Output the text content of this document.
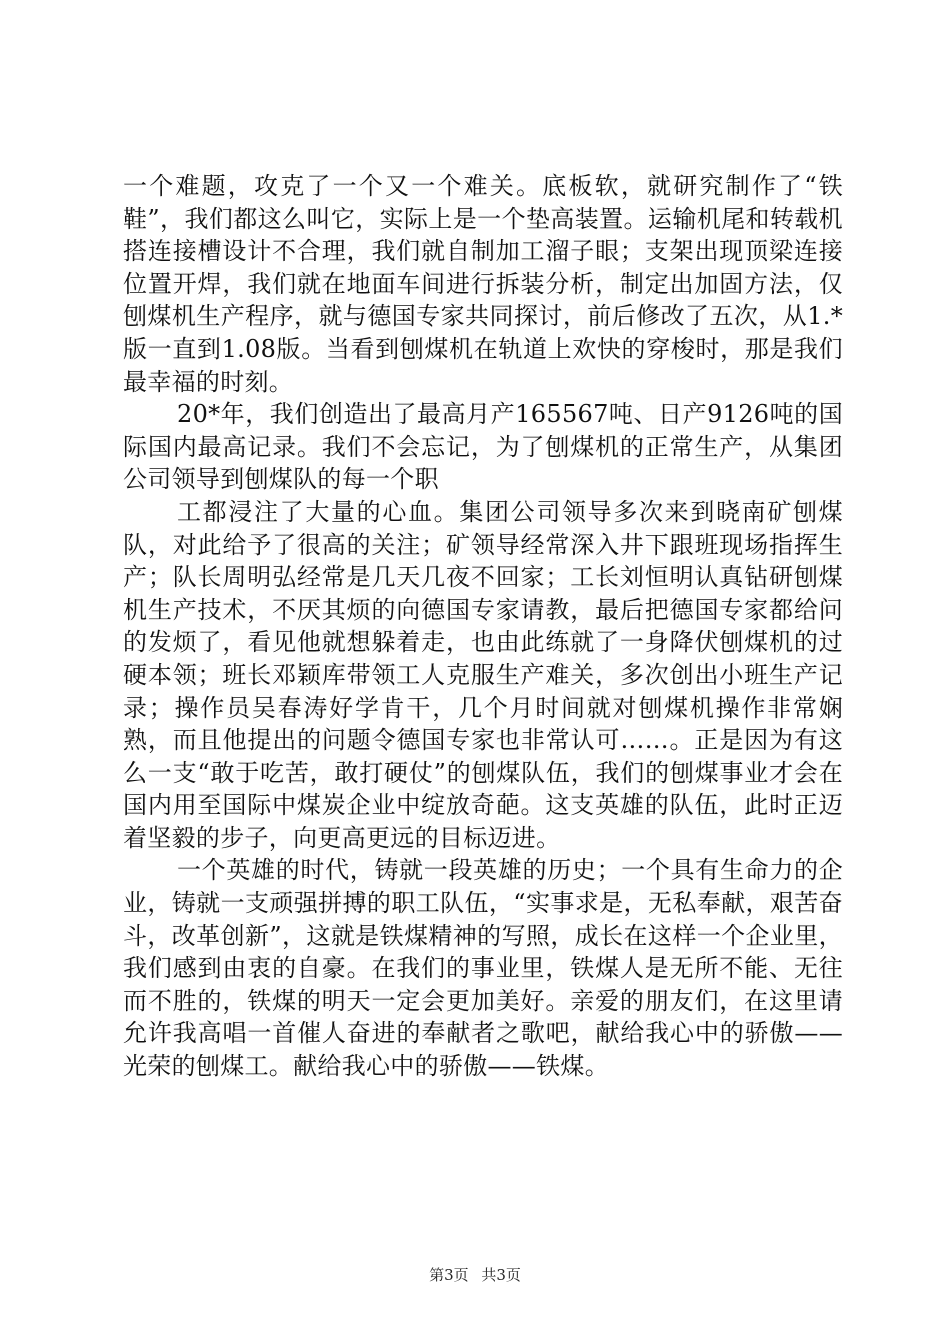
一个难题，攻克了一个又一个难关。底板软，就研究制作了“铁鞋”，我们都这么叫它，实际上是一个垫高装置。运输机尾和转载机搭连接槽设计不合理，我们就自制加工溜子眼；支架出现顶梁连接位置开焊，我们就在地面车间进行拆装分析，制定出加固方法，仅刨煤机生产程序，就与德国专家共同探讨，前后修改了五次，从1.*版一直到1.08版。当看到刨煤机在轨道上欢快的穿梭时，那是我们最幸福的时刻。

20*年，我们创造出了最高月产165567吨、日产9126吨的国际国内最高记录。我们不会忘记，为了刨煤机的正常生产，从集团公司领导到刨煤队的每一个职

工都浸注了大量的心血。集团公司领导多次来到晓南矿刨煤队，对此给予了很高的关注；矿领导经常深入井下跟班现场指挥生产；队长周明弘经常是几天几夜不回家；工长刘恒明认真钻研刨煤机生产技术，不厌其烦的向德国专家请教，最后把德国专家都给问的发烦了，看见他就想躲着走，也由此练就了一身降伏刨煤机的过硬本领；班长邓颖库带领工人克服生产难关，多次创出小班生产记录；操作员吴春涛好学肯干，几个月时间就对刨煤机操作非常娴熟，而且他提出的问题令德国专家也非常认可……。正是因为有这么一支“敢于吃苦，敢打硬仗”的刨煤队伍，我们的刨煤事业才会在国内用至国际中煤炭企业中绽放奇葩。这支英雄的队伍，此时正迈着坚毅的步子，向更高更远的目标迈进。

一个英雄的时代，铸就一段英雄的历史；一个具有生命力的企业，铸就一支顽强拼搏的职工队伍，“实事求是，无私奉献，艰苦奋斗，改革创新”，这就是铁煤精神的写照，成长在这样一个企业里，我们感到由衷的自豪。在我们的事业里，铁煤人是无所不能、无往而不胜的，铁煤的明天一定会更加美好。亲爱的朋友们，在这里请允许我高唱一首催人奋进的奉献者之歌吧，献给我心中的骄傲——光荣的刨煤工。献给我心中的骄傲——铁煤。

第3页 共3页
